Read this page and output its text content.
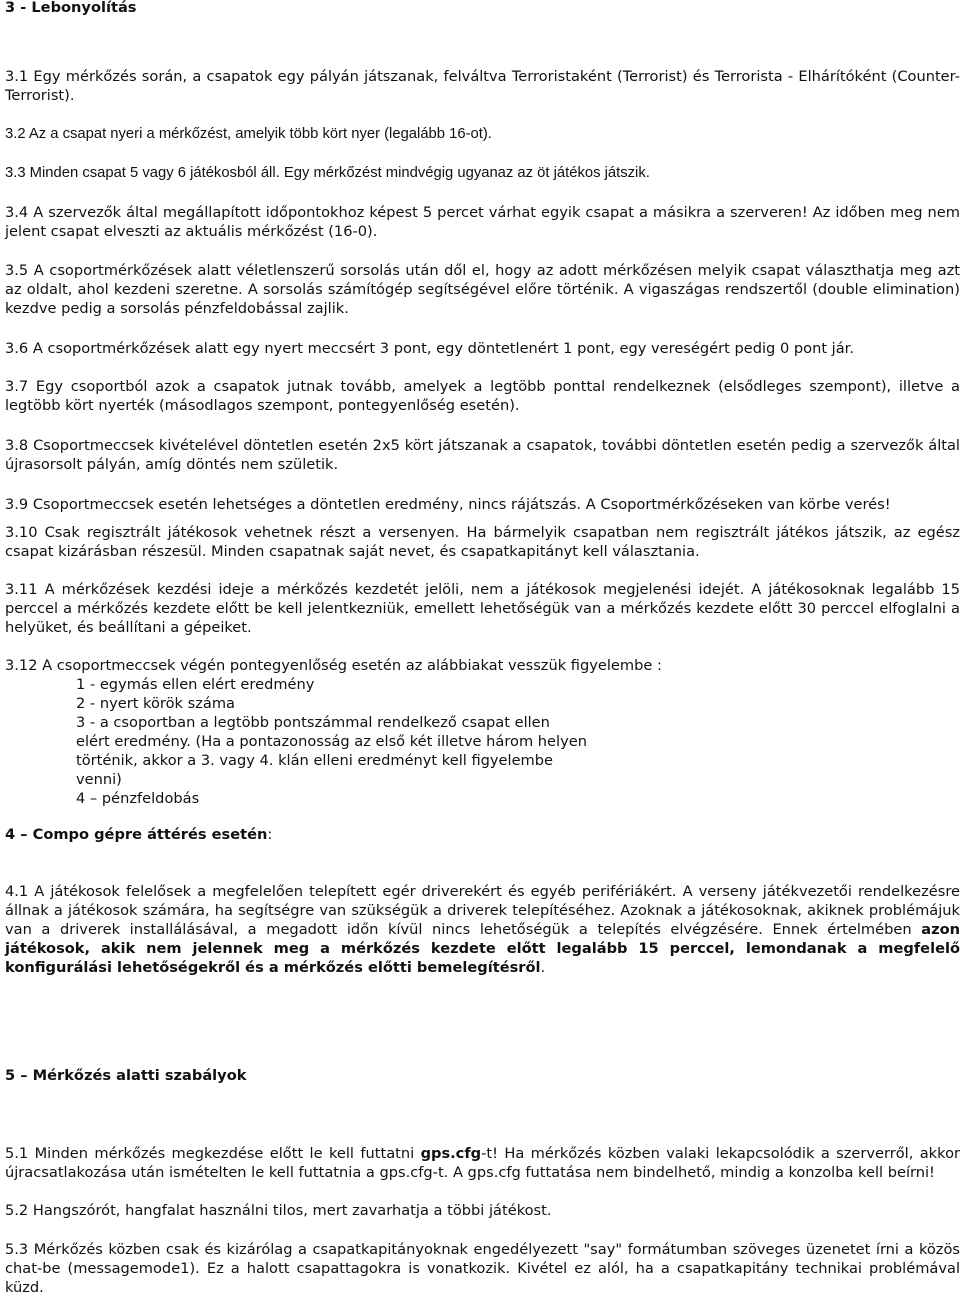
3 - Lebonyolítás

3.1 Egy mérkőzés során, a csapatok egy pályán játszanak, felváltva Terroristaként (Terrorist) és Terrorista - Elhárítóként (Counter-Terrorist).

3.2 Az a csapat nyeri a mérkőzést, amelyik több kört nyer (legalább 16-ot).

3.3 Minden csapat 5 vagy 6 játékosból áll. Egy mérkőzést mindvégig ugyanaz az öt játékos játszik.

3.4 A szervezők által megállapított időpontokhoz képest 5 percet várhat egyik csapat a másikra a szerveren! Az időben meg nem jelent csapat elveszti az aktuális mérkőzést (16-0).

3.5 A csoportmérkőzések alatt véletlenszerű sorsolás után dől el, hogy az adott mérkőzésen melyik csapat választhatja meg azt az oldalt, ahol kezdeni szeretne. A sorsolás számítógép segítségével előre történik. A vigaszágas rendszertől (double elimination) kezdve pedig a sorsolás pénzfeldobással zajlik.

3.6 A csoportmérkőzések alatt egy nyert meccsért 3 pont, egy döntetlenért 1 pont, egy vereségért pedig 0 pont jár.

3.7 Egy csoportból azok a csapatok jutnak tovább, amelyek a legtöbb ponttal rendelkeznek (elsődleges szempont), illetve a legtöbb kört nyerték (másodlagos szempont, pontegyenlőség esetén).

3.8 Csoportmeccsek kivételével döntetlen esetén 2x5 kört játszanak a csapatok, további döntetlen esetén pedig a szervezők által újrasorsolt pályán, amíg döntés nem születik.

3.9 Csoportmeccsek esetén lehetséges a döntetlen eredmény, nincs rájátszás. A Csoportmérkőzéseken van körbe verés!

3.10 Csak regisztrált játékosok vehetnek részt a versenyen. Ha bármelyik csapatban nem regisztrált játékos játszik, az egész csapat kizárásban részesül. Minden csapatnak saját nevet, és csapatkapitányt kell választania.

3.11 A mérkőzések kezdési ideje a mérkőzés kezdetét jelöli, nem a játékosok megjelenési idejét. A játékosoknak legalább 15 perccel a mérkőzés kezdete előtt be kell jelentkezniük, emellett lehetőségük van a mérkőzés kezdete előtt 30 perccel elfoglalni a helyüket, és beállítani a gépeiket.

3.12 A csoportmeccsek végén pontegyenlőség esetén az alábbiakat vesszük figyelembe :

1 - egymás ellen elért eredmény
2 - nyert körök száma
3 - a csoportban a legtöbb pontszámmal rendelkező csapat ellen
elért eredmény. (Ha a pontazonosság az első két illetve három helyen
történik, akkor a 3. vagy 4. klán elleni eredményt kell figyelembe
venni)
4 – pénzfeldobás

4 – Compo gépre áttérés esetén:

4.1 A játékosok felelősek a megfelelően telepített egér driverekért és egyéb perifériákért. A verseny játékvezetői rendelkezésre állnak a játékosok számára, ha segítségre van szükségük a driverek telepítéséhez. Azoknak a játékosoknak, akiknek problémájuk van a driverek installálásával, a megadott időn kívül nincs lehetőségük a telepítés elvégzésére. Ennek értelmében azon játékosok, akik nem jelennek meg a mérkőzés kezdete előtt legalább 15 perccel, lemondanak a megfelelő konfigurálási lehetőségekről és a mérkőzés előtti bemelegítésről.

5 – Mérkőzés alatti szabályok

5.1 Minden mérkőzés megkezdése előtt le kell futtatni gps.cfg-t! Ha mérkőzés közben valaki lekapcsolódik a szerverről, akkor újracsatlakozása után ismételten le kell futtatnia a gps.cfg-t. A gps.cfg futtatása nem bindelhető, mindig a konzolba kell beírni!

5.2 Hangszórót, hangfalat használni tilos, mert zavarhatja a többi játékost.

5.3 Mérkőzés közben csak és kizárólag a csapatkapitányoknak engedélyezett "say" formátumban szöveges üzenetet írni a közös chat-be (messagemode1). Ez a halott csapattagokra is vonatkozik. Kivétel ez alól, ha a csapatkapitány technikai problémával küzd.
